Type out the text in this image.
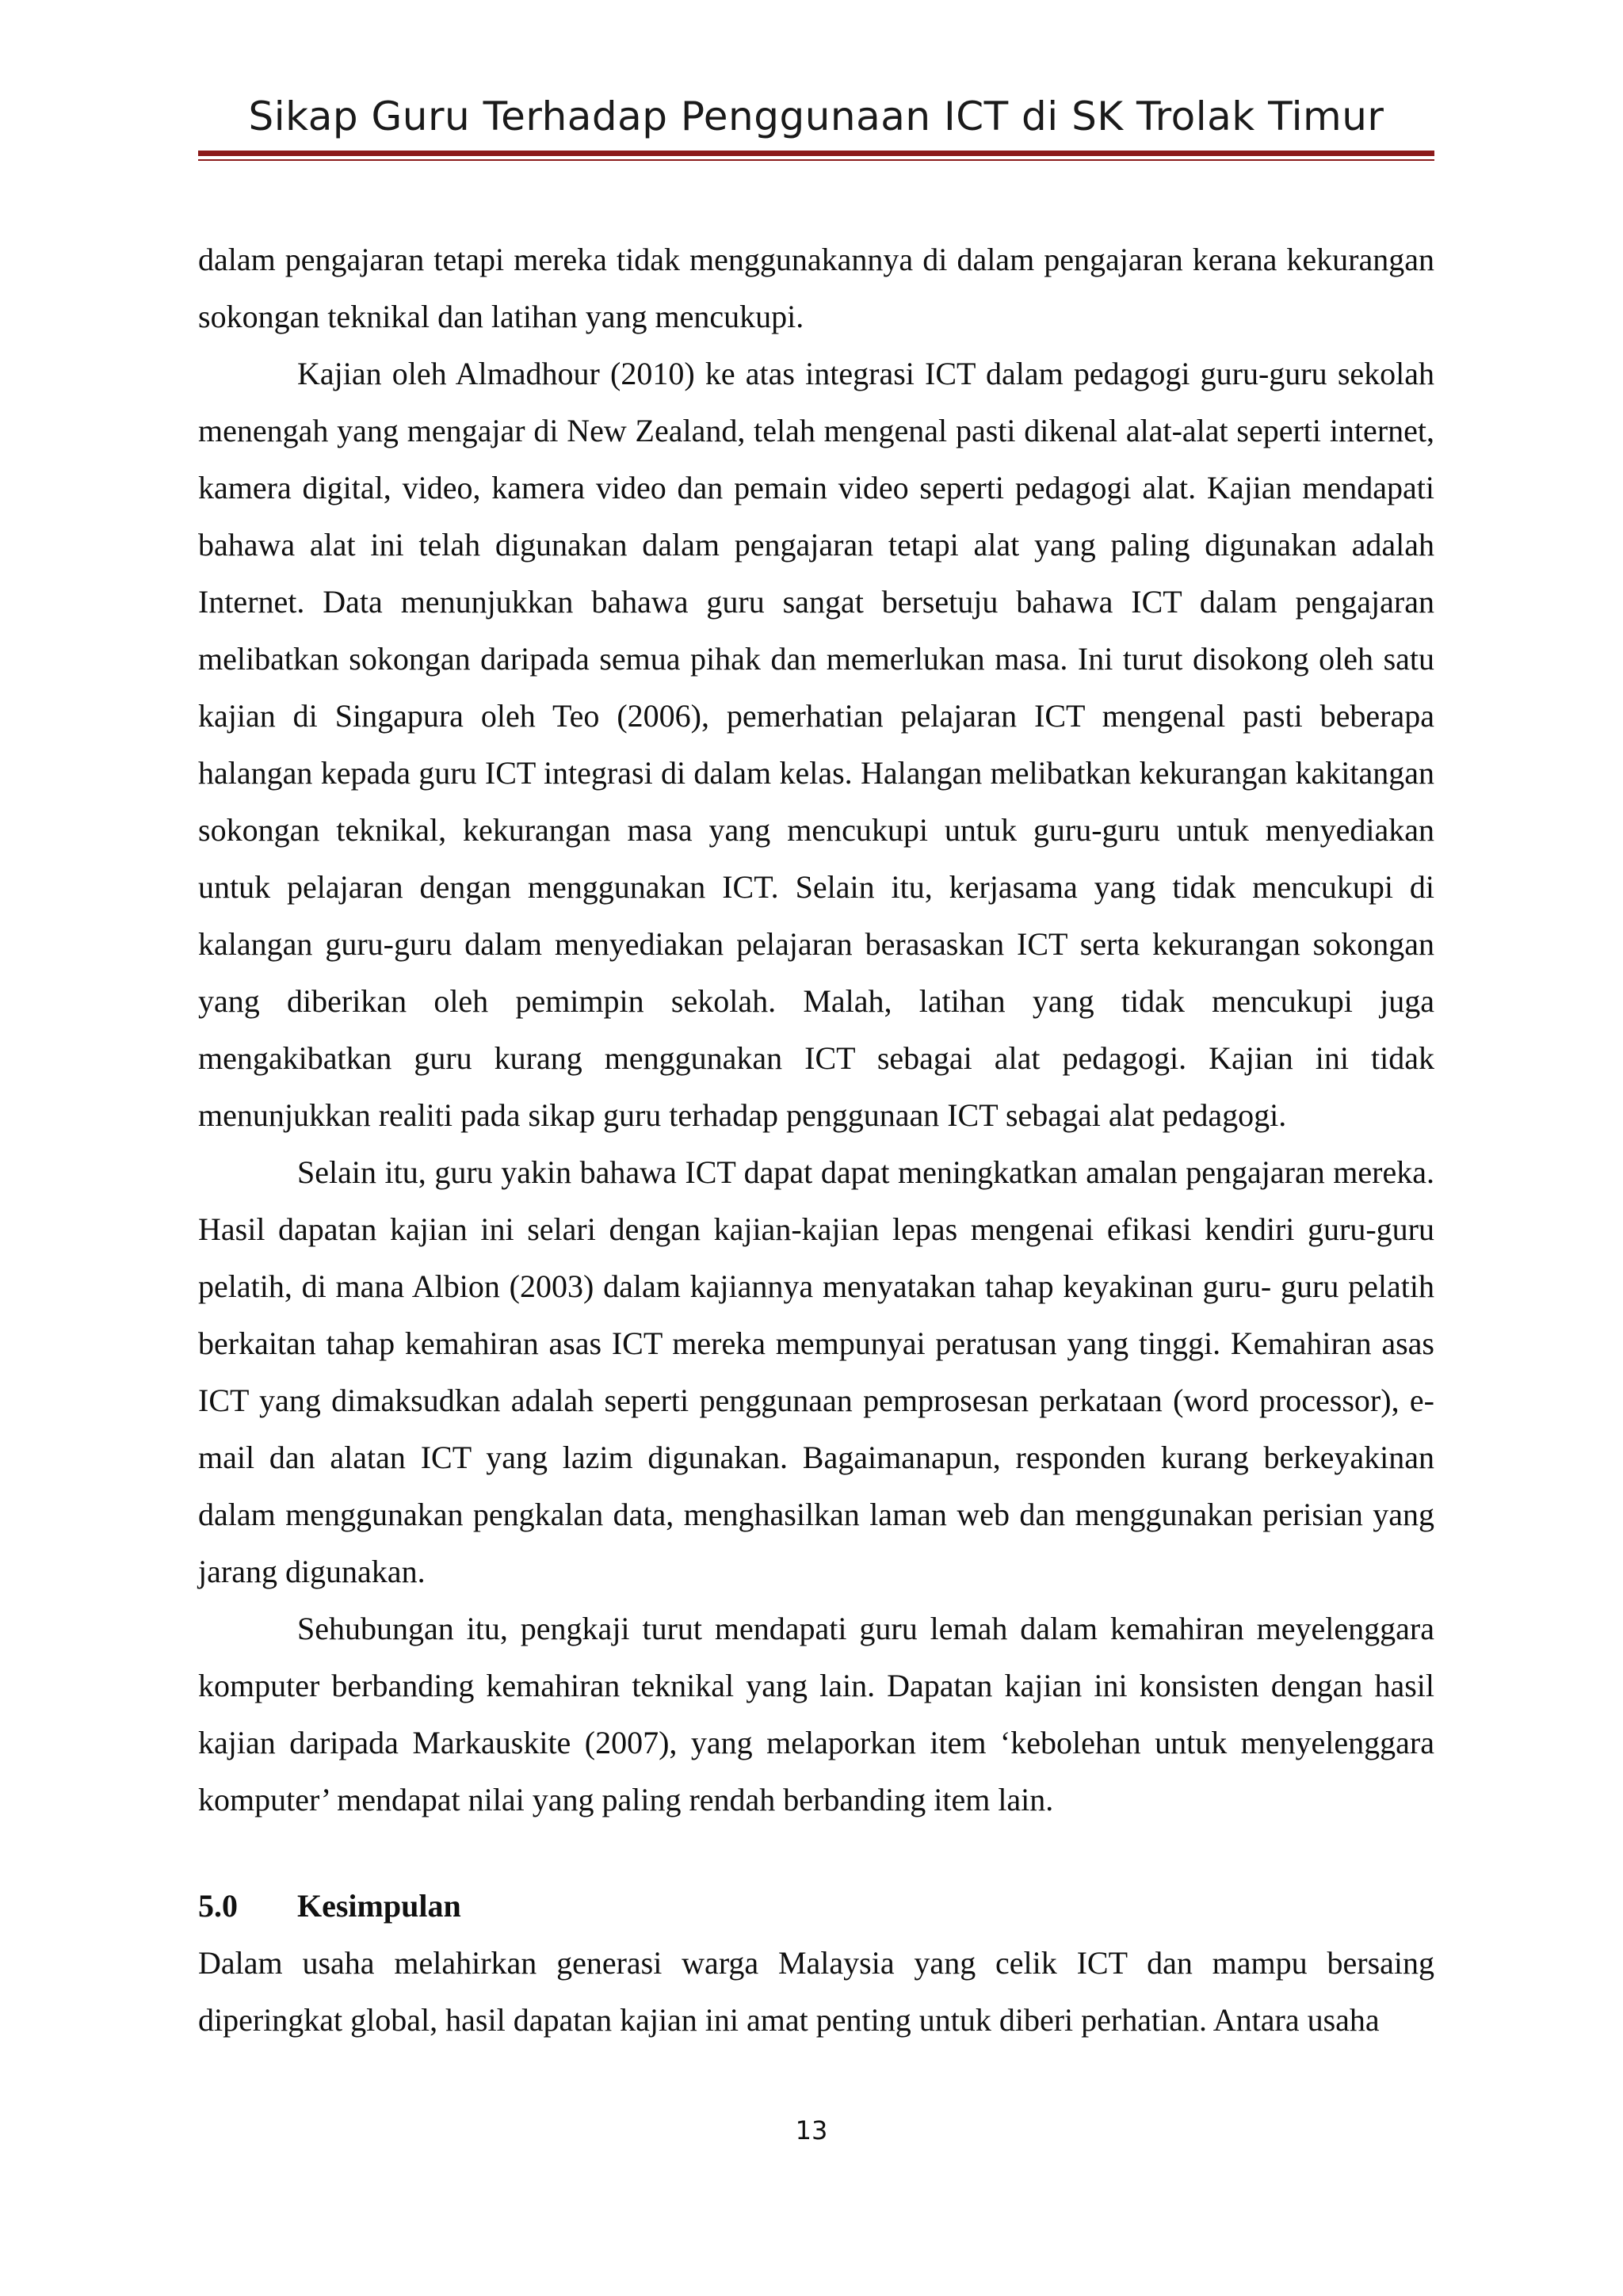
Sikap Guru Terhadap Penggunaan ICT di SK Trolak Timur

dalam pengajaran tetapi mereka tidak menggunakannya di dalam pengajaran kerana kekurangan sokongan teknikal dan latihan yang mencukupi.

Kajian oleh Almadhour (2010) ke atas integrasi ICT dalam pedagogi guru-guru sekolah menengah yang mengajar di New Zealand, telah mengenal pasti dikenal alat-alat seperti internet, kamera digital, video, kamera video dan pemain video seperti pedagogi alat. Kajian mendapati bahawa alat ini telah digunakan dalam pengajaran tetapi alat yang paling digunakan adalah Internet. Data menunjukkan bahawa guru sangat bersetuju bahawa ICT dalam pengajaran melibatkan sokongan daripada semua pihak dan memerlukan masa. Ini turut disokong oleh satu kajian di Singapura oleh Teo (2006), pemerhatian pelajaran ICT mengenal pasti beberapa halangan kepada guru ICT integrasi di dalam kelas. Halangan melibatkan kekurangan kakitangan sokongan teknikal, kekurangan masa yang mencukupi untuk guru-guru untuk menyediakan untuk pelajaran dengan menggunakan ICT. Selain itu, kerjasama yang tidak mencukupi di kalangan guru-guru dalam menyediakan pelajaran berasaskan ICT serta kekurangan sokongan yang diberikan oleh pemimpin sekolah. Malah, latihan yang tidak mencukupi juga mengakibatkan guru kurang menggunakan ICT sebagai alat pedagogi. Kajian ini tidak menunjukkan realiti pada sikap guru terhadap penggunaan ICT sebagai alat pedagogi.

Selain itu, guru yakin bahawa ICT dapat dapat meningkatkan amalan pengajaran mereka. Hasil dapatan kajian ini selari dengan kajian-kajian lepas mengenai efikasi kendiri guru-guru pelatih, di mana Albion (2003) dalam kajiannya menyatakan tahap keyakinan guru- guru pelatih berkaitan tahap kemahiran asas ICT mereka mempunyai peratusan yang tinggi. Kemahiran asas ICT yang dimaksudkan adalah seperti penggunaan pemprosesan perkataan (word processor), e-mail dan alatan ICT yang lazim digunakan. Bagaimanapun, responden kurang berkeyakinan dalam menggunakan pengkalan data, menghasilkan laman web dan menggunakan perisian yang jarang digunakan.

Sehubungan itu, pengkaji turut mendapati guru lemah dalam kemahiran meyelenggara komputer berbanding kemahiran teknikal yang lain. Dapatan kajian ini konsisten dengan hasil kajian daripada Markauskite (2007), yang melaporkan item ‘kebolehan untuk menyelenggara komputer’ mendapat nilai yang paling rendah berbanding item lain.

5.0	Kesimpulan

Dalam usaha melahirkan generasi warga Malaysia yang celik ICT dan mampu bersaing diperingkat global, hasil dapatan kajian ini amat penting untuk diberi perhatian. Antara usaha

13
